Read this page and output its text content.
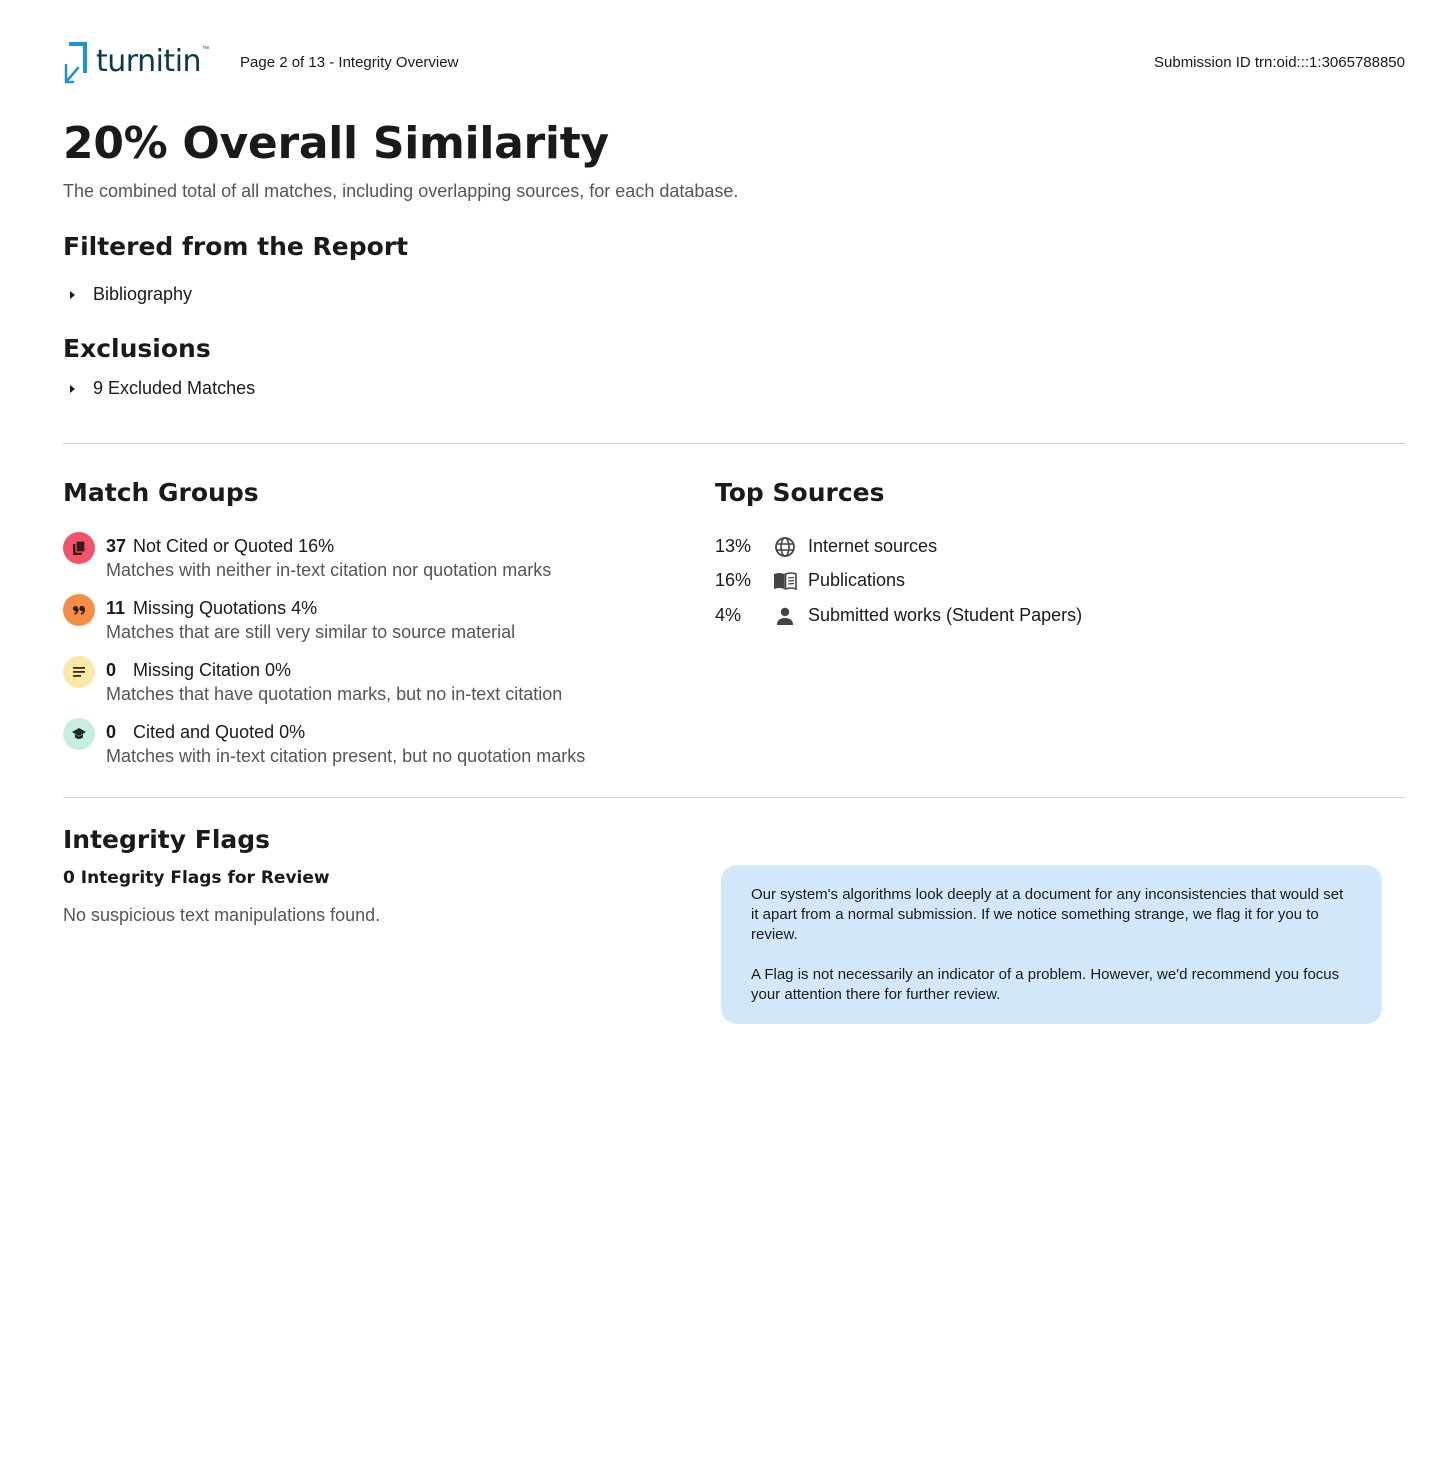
turnitin ™
Page 2 of 13 - Integrity Overview	Submission ID trn:oid:::1:3065788850
20% Overall Similarity

The combined total of all matches, including overlapping sources, for each database.

Filtered from the Report
Bibliography
Exclusions
9 Excluded Matches
Match Groups
37 Not Cited or Quoted 16%
Matches with neither in-text citation nor quotation marks
11 Missing Quotations 4%
Matches that are still very similar to source material
0 Missing Citation 0%
Matches that have quotation marks, but no in-text citation
0 Cited and Quoted 0%
Matches with in-text citation present, but no quotation marks
Top Sources
13%	Internet sources
16%	Publications
4%	Submitted works (Student Papers)
Integrity Flags
0 Integrity Flags for Review
No suspicious text manipulations found.

Our system's algorithms look deeply at a document for any inconsistencies that would set it apart from a normal submission. If we notice something strange, we flag it for you to review.

A Flag is not necessarily an indicator of a problem. However, we'd recommend you focus your attention there for further review.
